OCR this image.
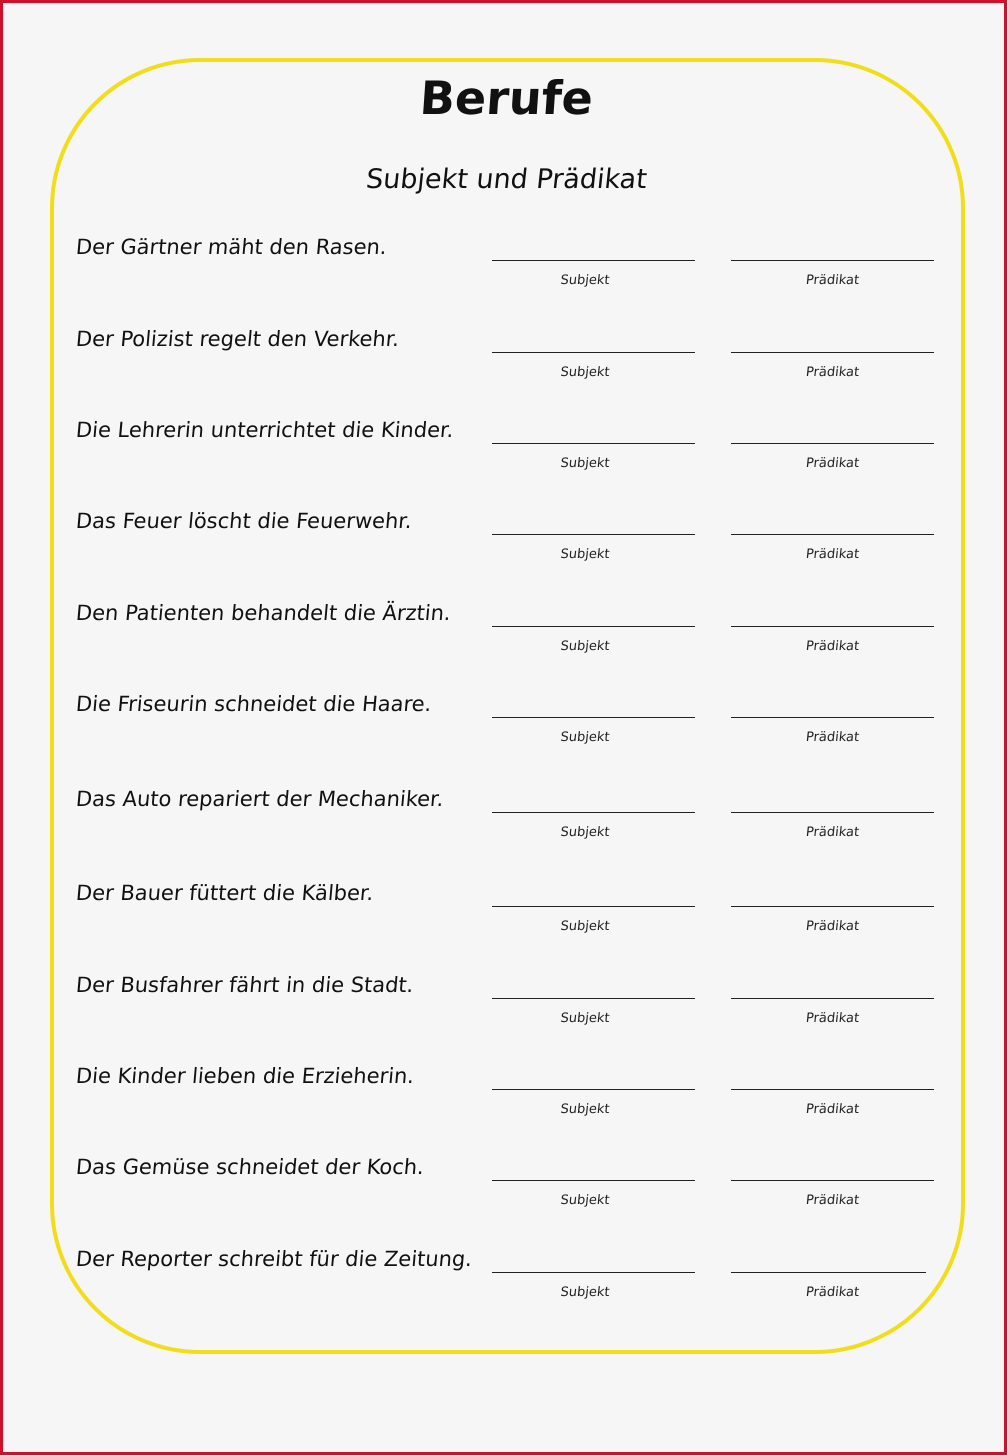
Berufe
Subjekt und Prädikat
Der Gärtner mäht den Rasen.
Subjekt	Prädikat
Der Polizist regelt den Verkehr.
Subjekt	Prädikat
Die Lehrerin unterrichtet die Kinder.
Subjekt	Prädikat
Das Feuer löscht die Feuerwehr.
Subjekt	Prädikat
Den Patienten behandelt die Ärztin.
Subjekt	Prädikat
Die Friseurin schneidet die Haare.
Subjekt	Prädikat
Das Auto repariert der Mechaniker.
Subjekt	Prädikat
Der Bauer füttert die Kälber.
Subjekt	Prädikat
Der Busfahrer fährt in die Stadt.
Subjekt	Prädikat
Die Kinder lieben die Erzieherin.
Subjekt	Prädikat
Das Gemüse schneidet der Koch.
Subjekt	Prädikat
Der Reporter schreibt für die Zeitung.
Subjekt	Prädikat
